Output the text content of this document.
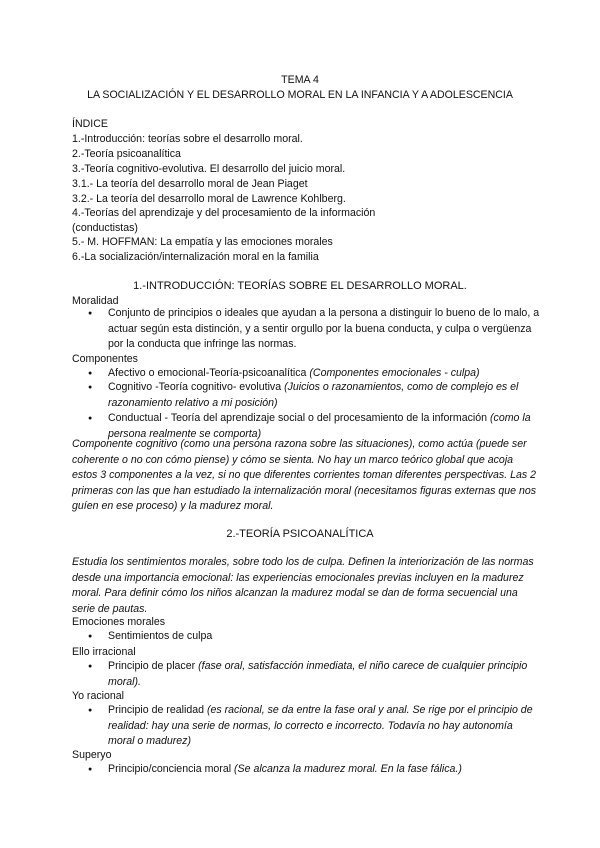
TEMA 4
LA SOCIALIZACIÓN Y EL DESARROLLO MORAL EN LA INFANCIA Y A ADOLESCENCIA
ÍNDICE
1.-Introducción: teorías sobre el desarrollo moral.
2.-Teoría psicoanalítica
3.-Teoría cognitivo-evolutiva. El desarrollo del juicio moral.
3.1.- La teoría del desarrollo moral de Jean Piaget
3.2.- La teoría del desarrollo moral de Lawrence Kohlberg.
4.-Teorías del aprendizaje y del procesamiento de la información
(conductistas)
5.- M. HOFFMAN: La empatía y las emociones morales
6.-La socialización/internalización moral en la familia
1.-INTRODUCCIÓN: TEORÍAS SOBRE EL DESARROLLO MORAL.
Moralidad
Conjunto de principios o ideales que ayudan a la persona a distinguir lo bueno de lo malo, a actuar según esta distinción, y a sentir orgullo por la buena conducta, y culpa o vergüenza por la conducta que infringe las normas.
Componentes
Afectivo o emocional-Teoría-psicoanalítica (Componentes emocionales - culpa)
Cognitivo -Teoría cognitivo- evolutiva (Juicios o razonamientos, como de complejo es el razonamiento relativo a mi posición)
Conductual - Teoría del aprendizaje social o del procesamiento de la información (como la persona realmente se comporta)
Componente cognitivo (como una persona razona sobre las situaciones), como actúa (puede ser coherente o no con cómo piense) y cómo se sienta. No hay un marco teórico global que acoja estos 3 componentes a la vez, si no que diferentes corrientes toman diferentes perspectivas. Las 2 primeras con las que han estudiado la internalización moral (necesitamos figuras externas que nos guíen en ese proceso) y la madurez moral.
2.-TEORÍA PSICOANALÍTICA
Estudia los sentimientos morales, sobre todo los de culpa. Definen la interiorización de las normas desde una importancia emocional: las experiencias emocionales previas incluyen en la madurez moral. Para definir cómo los niños alcanzan la madurez modal se dan de forma secuencial una serie de pautas.
Emociones morales
Sentimientos de culpa
Ello irracional
Principio de placer (fase oral, satisfacción inmediata, el niño carece de cualquier principio moral).
Yo racional
Principio de realidad (es racional, se da entre la fase oral y anal. Se rige por el principio de realidad: hay una serie de normas, lo correcto e incorrecto. Todavía no hay autonomía moral o madurez)
Superyo
Principio/conciencia moral (Se alcanza la madurez moral. En la fase fálica.)
